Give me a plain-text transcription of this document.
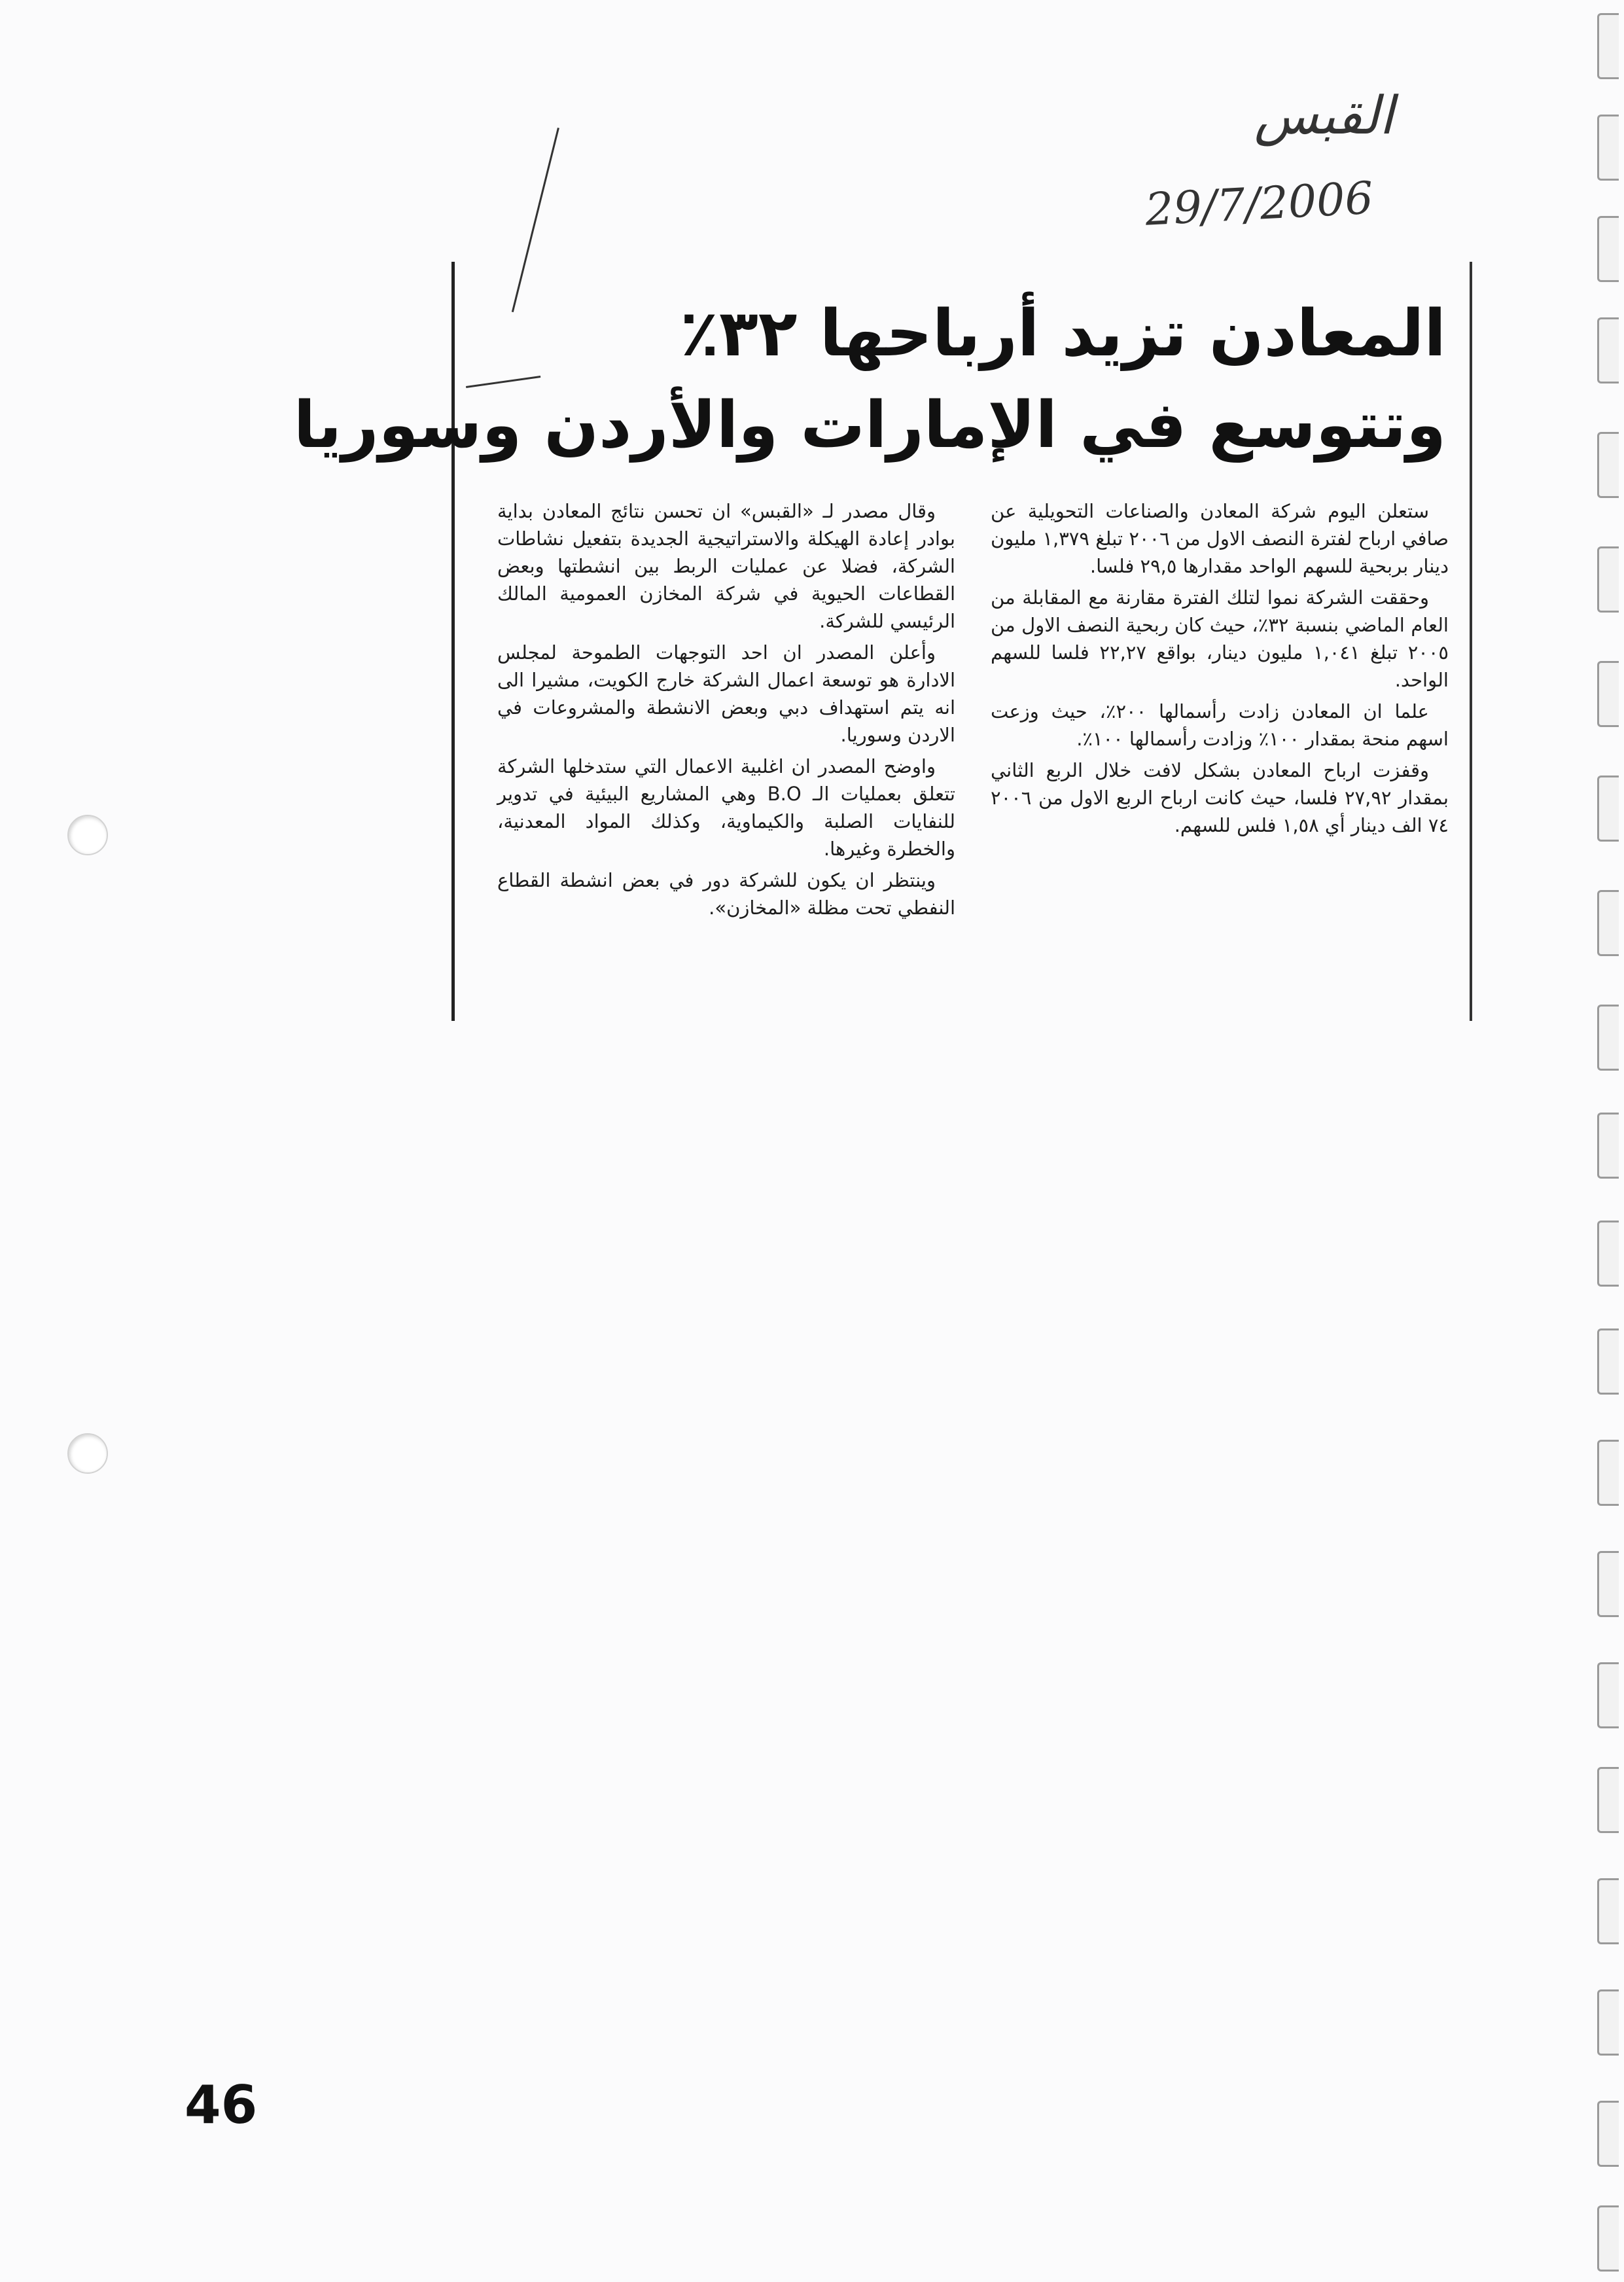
القبس
29/7/2006
المعادن تزيد أرباحها ٣٢٪
وتتوسع في الإمارات والأردن وسوريا

ستعلن اليوم شركة المعادن والصناعات التحويلية عن صافي ارباح لفترة النصف الاول من ٢٠٠٦ تبلغ ١,٣٧٩ مليون دينار بربحية للسهم الواحد مقدارها ٢٩,٥ فلسا.

وحققت الشركة نموا لتلك الفترة مقارنة مع المقابلة من العام الماضي بنسبة ٣٢٪، حيث كان ربحية النصف الاول من ٢٠٠٥ تبلغ ١,٠٤١ مليون دينار، بواقع ٢٢,٢٧ فلسا للسهم الواحد.

علما ان المعادن زادت رأسمالها ٢٠٠٪، حيث وزعت اسهم منحة بمقدار ١٠٠٪ وزادت رأسمالها ١٠٠٪.

وقفزت ارباح المعادن بشكل لافت خلال الربع الثاني بمقدار ٢٧,٩٢ فلسا، حيث كانت ارباح الربع الاول من ٢٠٠٦ ٧٤ الف دينار أي ١,٥٨ فلس للسهم.

وقال مصدر لـ «القبس» ان تحسن نتائج المعادن بداية بوادر إعادة الهيكلة والاستراتيجية الجديدة بتفعيل نشاطات الشركة، فضلا عن عمليات الربط بين انشطتها وبعض القطاعات الحيوية في شركة المخازن العمومية المالك الرئيسي للشركة.

وأعلن المصدر ان احد التوجهات الطموحة لمجلس الادارة هو توسعة اعمال الشركة خارج الكويت، مشيرا الى انه يتم استهداف دبي وبعض الانشطة والمشروعات في الاردن وسوريا.

واوضح المصدر ان اغلبية الاعمال التي ستدخلها الشركة تتعلق بعمليات الـ B.O وهي المشاريع البيئية في تدوير للنفايات الصلبة والكيماوية، وكذلك المواد المعدنية، والخطرة وغيرها.

وينتظر ان يكون للشركة دور في بعض انشطة القطاع النفطي تحت مظلة «المخازن».

46
